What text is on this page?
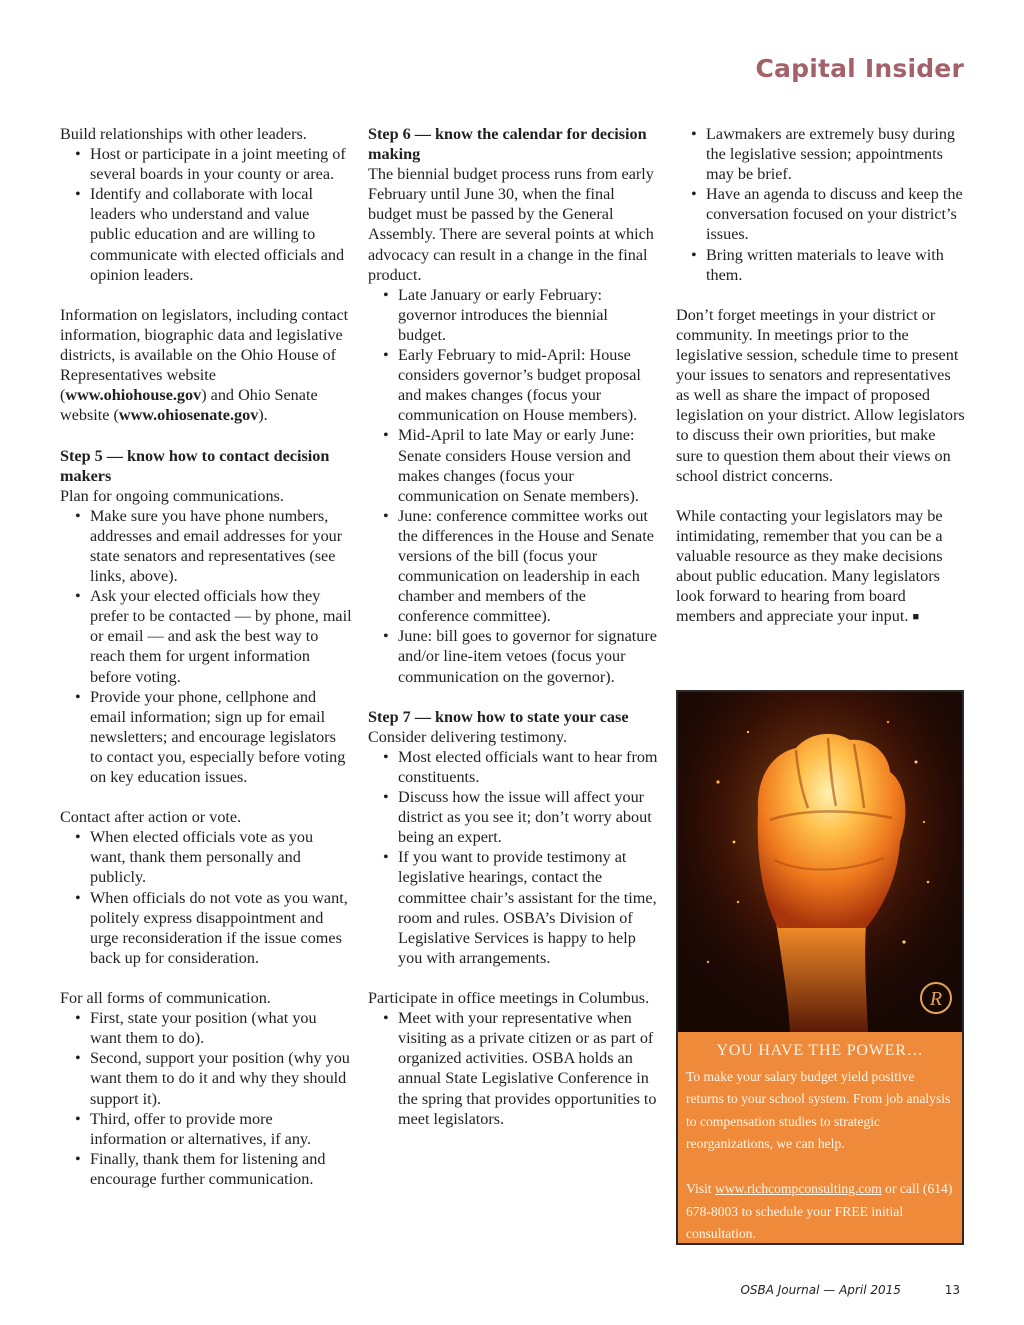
Capital Insider

Build relationships with other leaders.

• Host or participate in a joint meeting of several boards in your county or area.
• Identify and collaborate with local leaders who understand and value public education and are willing to communicate with elected officials and opinion leaders.

Information on legislators, including contact information, biographic data and legislative districts, is available on the Ohio House of Representatives website (www.ohiohouse.gov) and Ohio Senate website (www.ohiosenate.gov).

Step 5 — know how to contact decision makers

Plan for ongoing communications.

• Make sure you have phone numbers, addresses and email addresses for your state senators and representatives (see links, above).
• Ask your elected officials how they prefer to be contacted — by phone, mail or email — and ask the best way to reach them for urgent information before voting.
• Provide your phone, cellphone and email information; sign up for email newsletters; and encourage legislators to contact you, especially before voting on key education issues.

Contact after action or vote.

• When elected officials vote as you want, thank them personally and publicly.
• When officials do not vote as you want, politely express disappointment and urge reconsideration if the issue comes back up for consideration.

For all forms of communication.

• First, state your position (what you want them to do).
• Second, support your position (why you want them to do it and why they should support it).
• Third, offer to provide more information or alternatives, if any.
• Finally, thank them for listening and encourage further communication.

Step 6 — know the calendar for decision making

The biennial budget process runs from early February until June 30, when the final budget must be passed by the General Assembly. There are several points at which advocacy can result in a change in the final product.

• Late January or early February: governor introduces the biennial budget.
• Early February to mid-April: House considers governor’s budget proposal and makes changes (focus your communication on House members).
• Mid-April to late May or early June: Senate considers House version and makes changes (focus your communication on Senate members).
• June: conference committee works out the differences in the House and Senate versions of the bill (focus your communication on leadership in each chamber and members of the conference committee).
• June: bill goes to governor for signature and/or line-item vetoes (focus your communication on the governor).

Step 7 — know how to state your case

Consider delivering testimony.

• Most elected officials want to hear from constituents.
• Discuss how the issue will affect your district as you see it; don’t worry about being an expert.
• If you want to provide testimony at legislative hearings, contact the committee chair’s assistant for the time, room and rules. OSBA’s Division of Legislative Services is happy to help you with arrangements.

Participate in office meetings in Columbus.

• Meet with your representative when visiting as a private citizen or as part of organized activities. OSBA holds an annual State Legislative Conference in the spring that provides opportunities to meet legislators.
• Lawmakers are extremely busy during the legislative session; appointments may be brief.
• Have an agenda to discuss and keep the conversation focused on your district’s issues.
• Bring written materials to leave with them.

Don’t forget meetings in your district or community. In meetings prior to the legislative session, schedule time to present your issues to senators and representatives as well as share the impact of proposed legislation on your district. Allow legislators to discuss their own priorities, but make sure to question them about their views on school district concerns.

While contacting your legislators may be intimidating, remember that you can be a valuable resource as they make decisions about public education. Many legislators look forward to hearing from board members and appreciate your input. ■

R
YOU HAVE THE POWER…
To make your salary budget yield positive returns to your school system. From job analysis to compensation studies to strategic reorganizations, we can help.
Visit www.richcompconsulting.com or call (614) 678-8003 to schedule your FREE initial consultation.
OSBA Journal — April 2015	13
